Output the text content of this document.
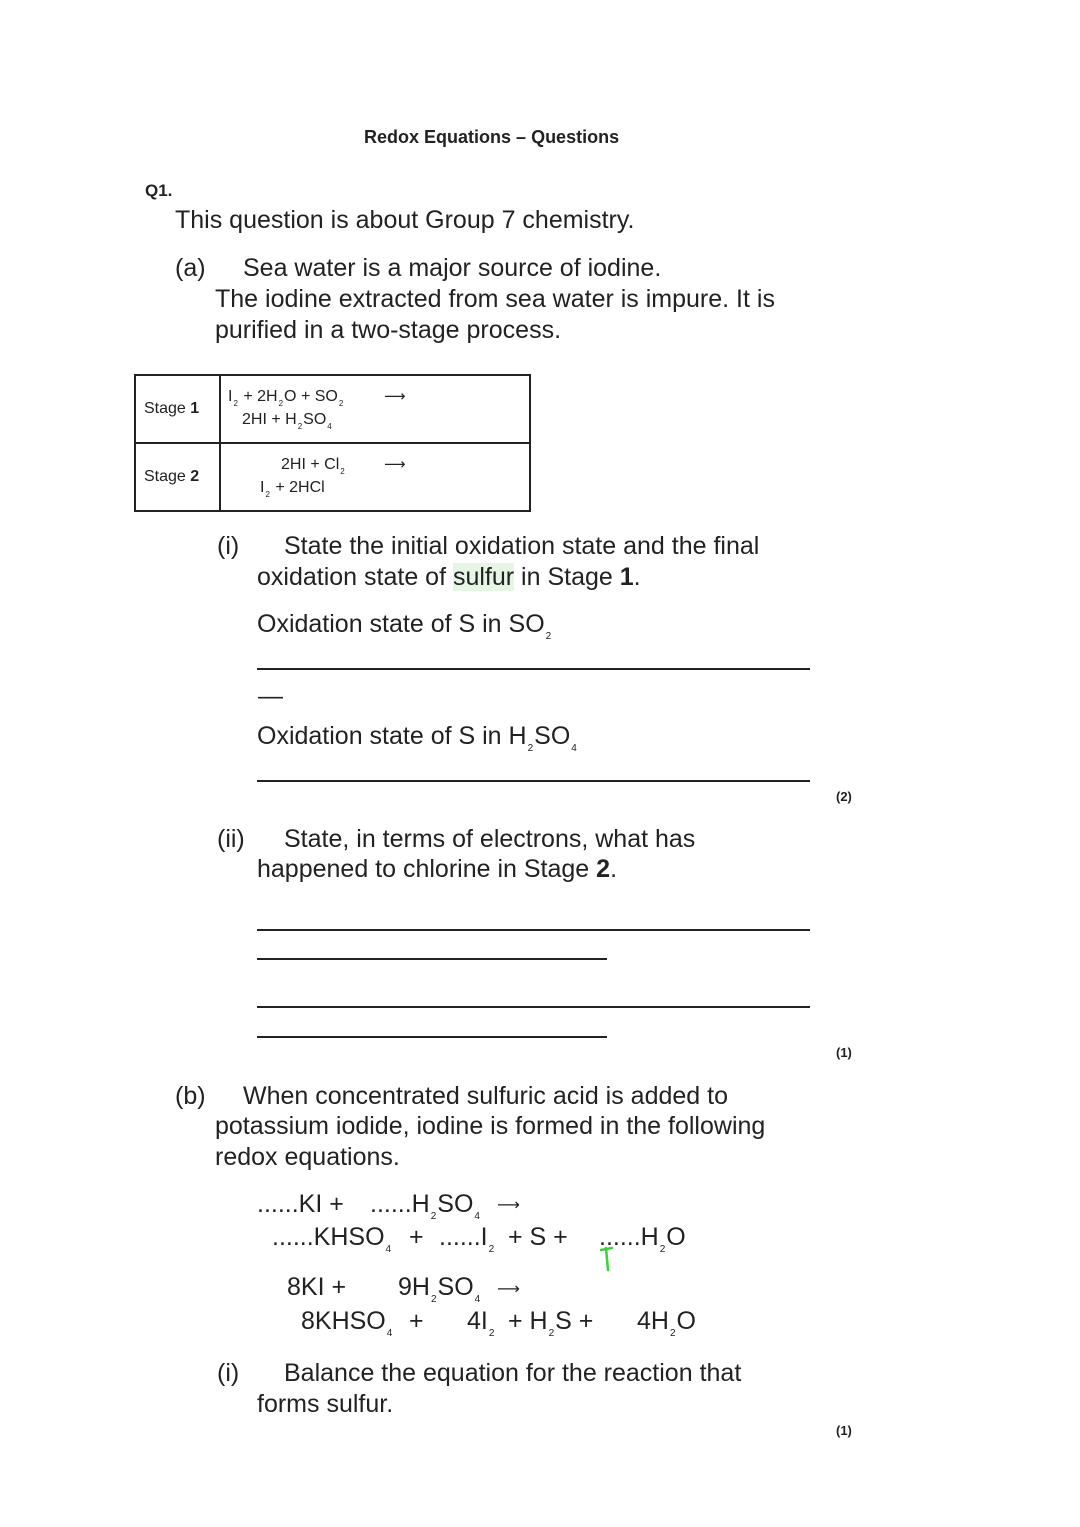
Redox Equations – Questions
Q1.
This question is about Group 7 chemistry.
(a) Sea water is a major source of iodine.
The iodine extracted from sea water is impure. It is
purified in a two-stage process.
Stage 1	$I_2 + 2H_2O + SO_2$ ⟶
$2HI + H_2SO_4$

Stage 2	$2HI + Cl_2$ ⟶
$I_2 + 2HCl$
(i) State the initial oxidation state and the final
oxidation state of sulfur in Stage 1.
Oxidation state of S in $SO_2$
—
Oxidation state of S in $H_2SO_4$
(2)
(ii) State, in terms of electrons, what has
happened to chlorine in Stage 2.
(1)
(b) When concentrated sulfuric acid is added to
potassium iodide, iodine is formed in the following
redox equations.
$......KI + ......H_2SO_4$
⟶
$......KHSO_4 + ......I_2 + S + ......H_2O$
$8KI + 9H_2SO_4$
⟶
$8KHSO_4 + 4I_2 + H_2S + 4H_2O$
(i) Balance the equation for the reaction that
forms sulfur.
(1)
